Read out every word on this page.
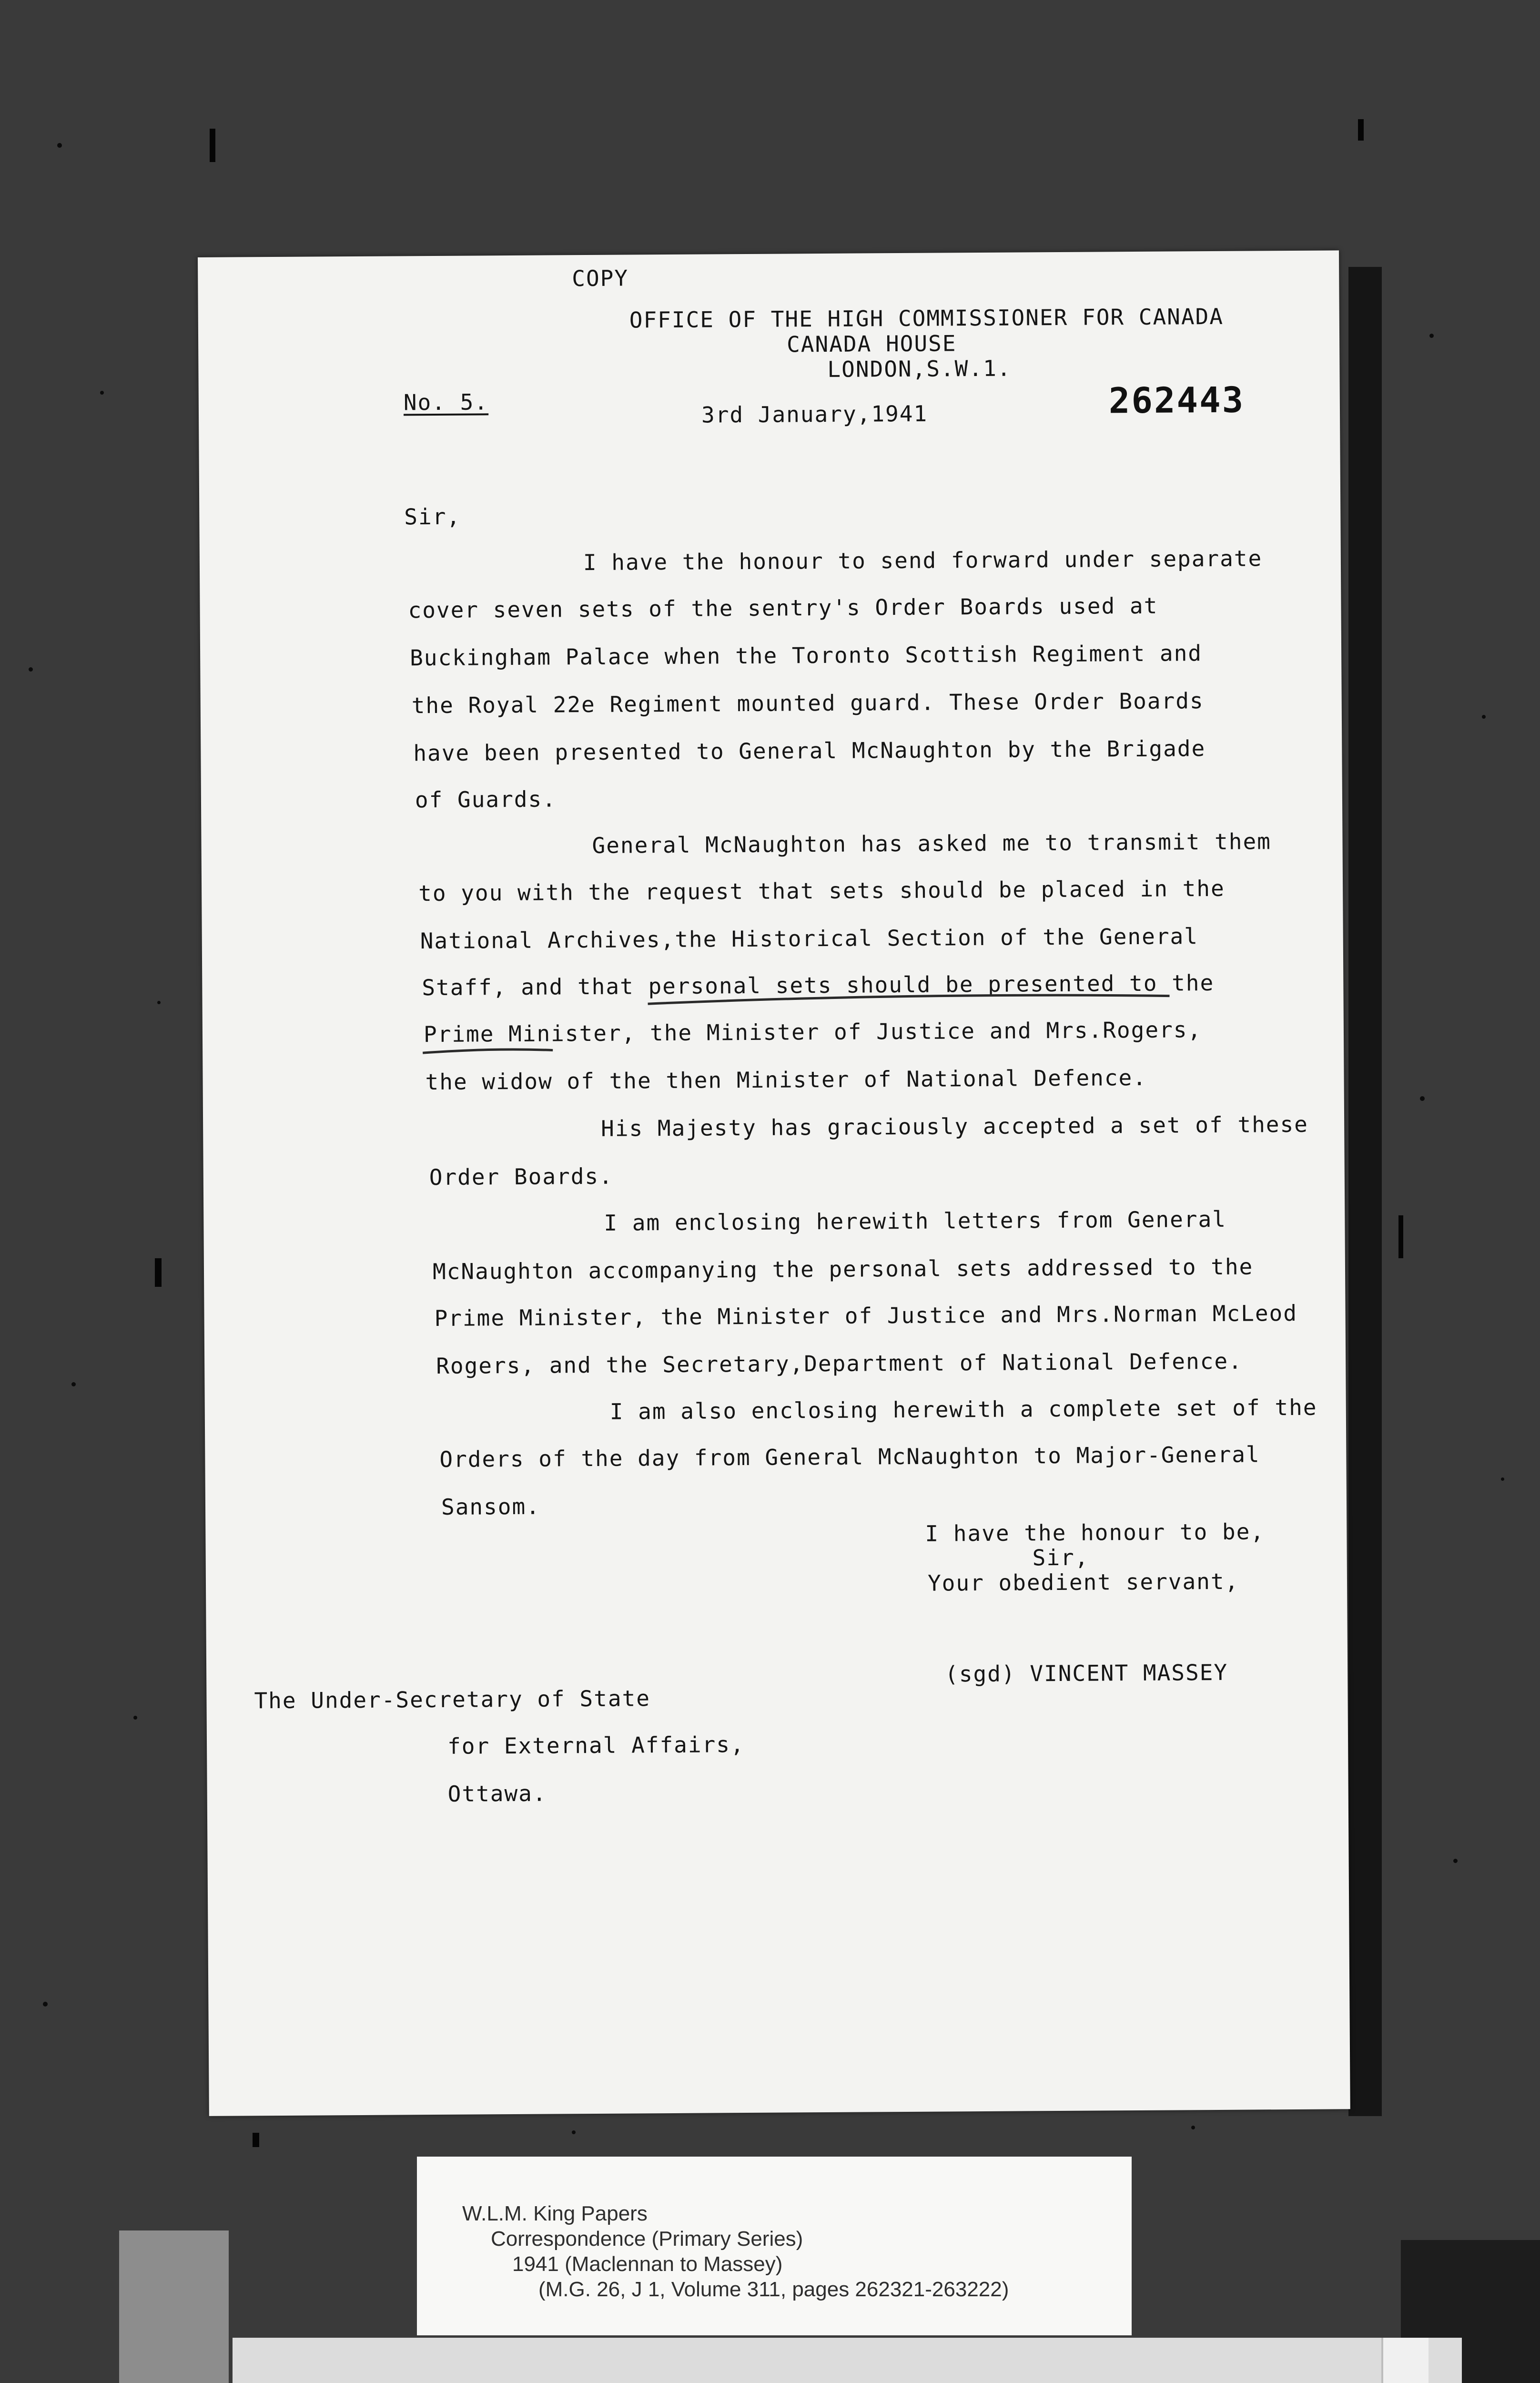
COPY
OFFICE OF THE HIGH COMMISSIONER FOR CANADA
CANADA HOUSE
LONDON,S.W.1.
No. 5.	3rd January,1941	262443
Sir,
I have the honour to send forward under separate
cover seven sets of the sentry's Order Boards used at
Buckingham Palace when the Toronto Scottish Regiment and
the Royal 22e Regiment mounted guard. These Order Boards
have been presented to General McNaughton by the Brigade
of Guards.
General McNaughton has asked me to transmit them
to you with the request that sets should be placed in the
National Archives,the Historical Section of the General
Staff, and that personal sets should be presented to the
Prime Minister, the Minister of Justice and Mrs.Rogers,
the widow of the then Minister of National Defence.
His Majesty has graciously accepted a set of these
Order Boards.
I am enclosing herewith letters from General
McNaughton accompanying the personal sets addressed to the
Prime Minister, the Minister of Justice and Mrs.Norman McLeod
Rogers, and the Secretary,Department of National Defence.
I am also enclosing herewith a complete set of the
Orders of the day from General McNaughton to Major-General
Sansom.
I have the honour to be,
Sir,
Your obedient servant,
(sgd) VINCENT MASSEY
The Under-Secretary of State
for External Affairs,
Ottawa.
W.L.M. King Papers
Correspondence (Primary Series)
1941 (Maclennan to Massey)
(M.G. 26, J 1, Volume 311, pages 262321-263222)
